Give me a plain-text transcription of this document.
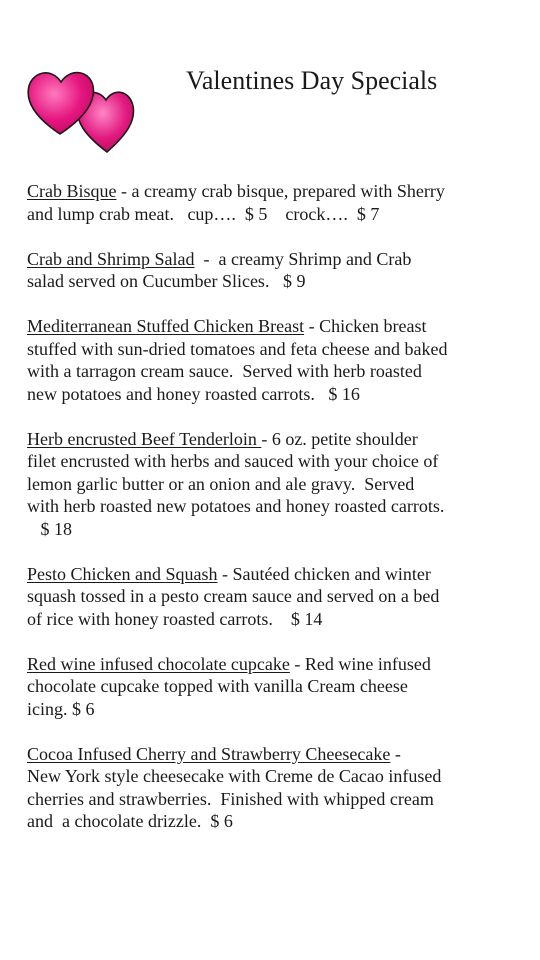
Valentines Day Specials
Crab Bisque - a creamy crab bisque, prepared with Sherry
and lump crab meat.   cup….  $ 5    crock….  $ 7
Crab and Shrimp Salad  -  a creamy Shrimp and Crab
salad served on Cucumber Slices.   $ 9
Mediterranean Stuffed Chicken Breast - Chicken breast
stuffed with sun-dried tomatoes and feta cheese and baked
with a tarragon cream sauce.  Served with herb roasted
new potatoes and honey roasted carrots.   $ 16
Herb encrusted Beef Tenderloin - 6 oz. petite shoulder
filet encrusted with herbs and sauced with your choice of
lemon garlic butter or an onion and ale gravy.  Served
with herb roasted new potatoes and honey roasted carrots.
$ 18
Pesto Chicken and Squash - Sautéed chicken and winter
squash tossed in a pesto cream sauce and served on a bed
of rice with honey roasted carrots.    $ 14
Red wine infused chocolate cupcake - Red wine infused
chocolate cupcake topped with vanilla Cream cheese
icing. $ 6
Cocoa Infused Cherry and Strawberry Cheesecake -
New York style cheesecake with Creme de Cacao infused
cherries and strawberries.  Finished with whipped cream
and  a chocolate drizzle.  $ 6
